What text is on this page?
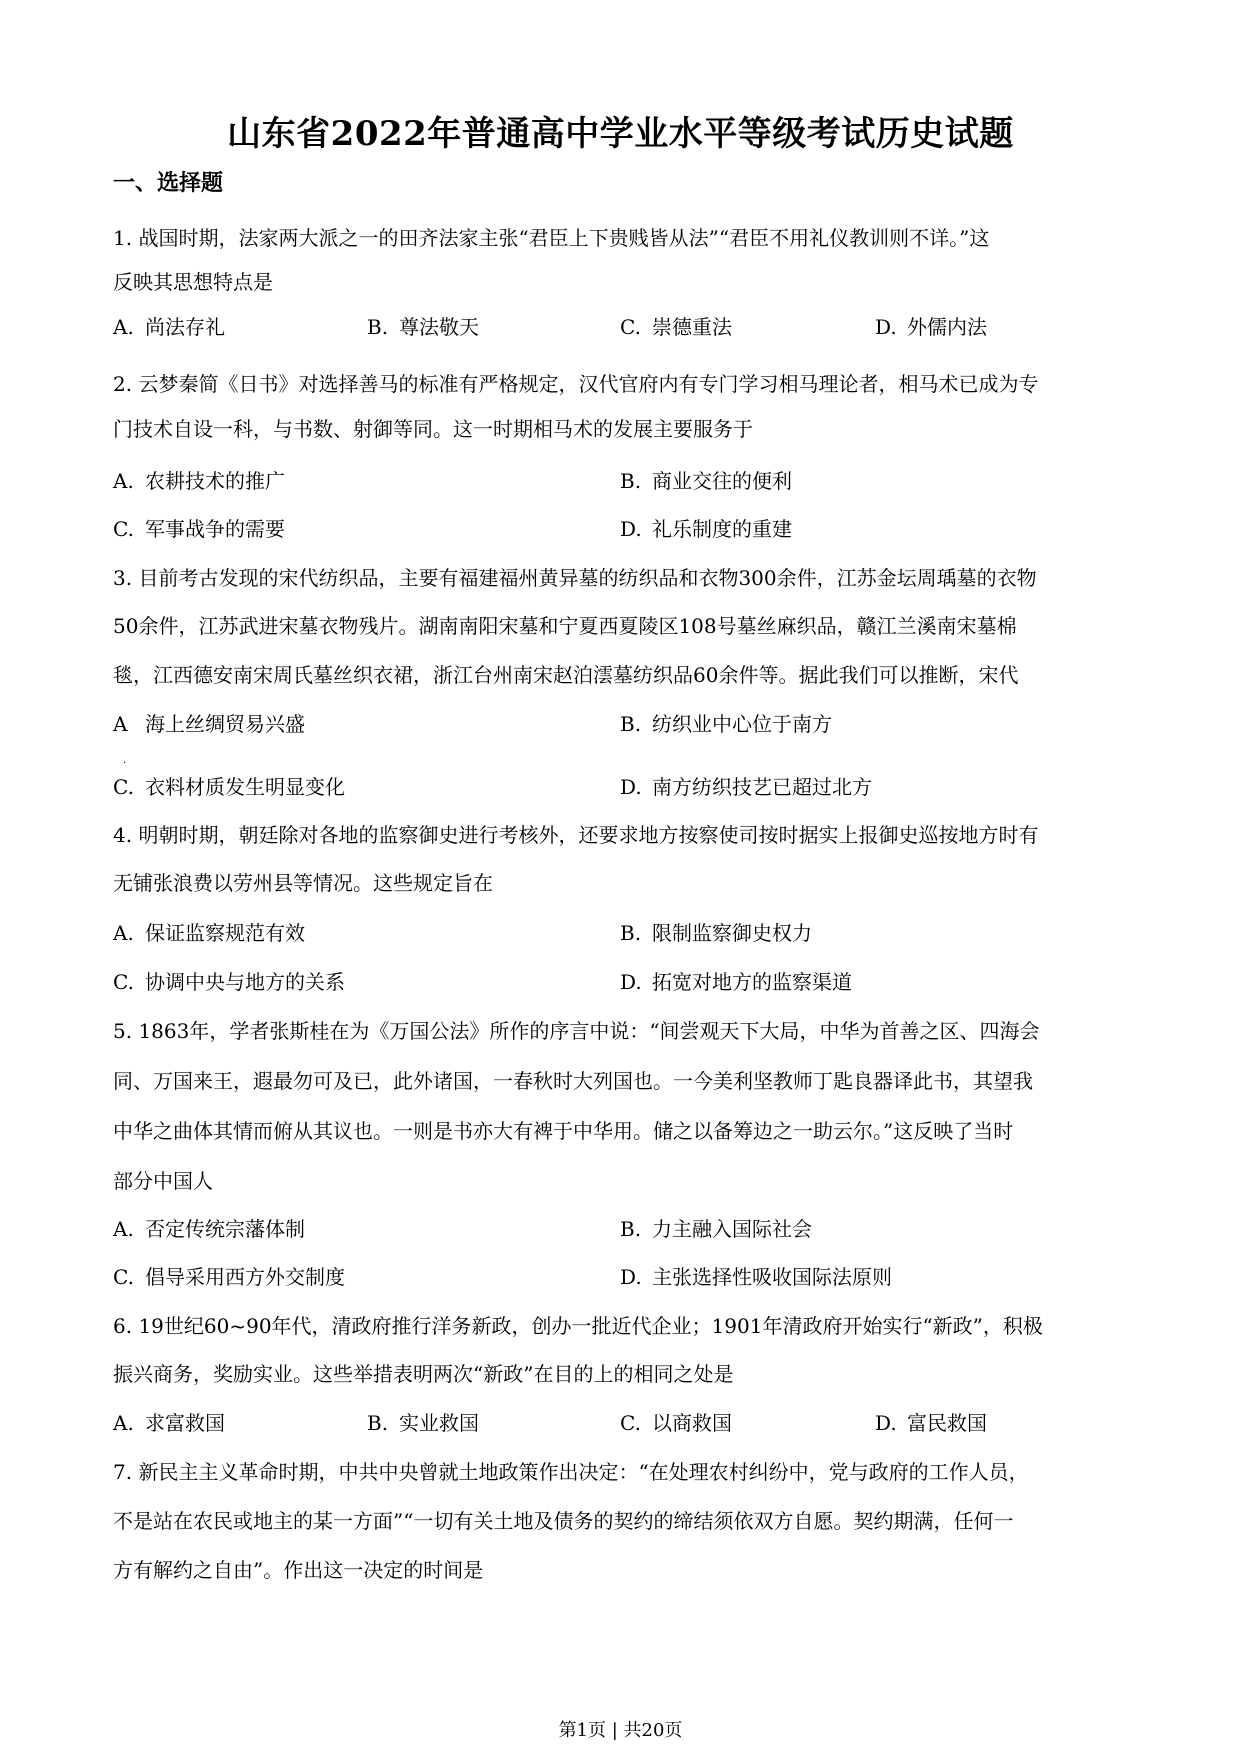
山东省2022年普通高中学业水平等级考试历史试题
一、选择题
1. 战国时期，法家两大派之一的田齐法家主张“君臣上下贵贱皆从法”“君臣不用礼仪教训则不详。”这
反映其思想特点是
A. 尚法存礼	B. 尊法敬天	C. 崇德重法	D. 外儒内法
2. 云梦秦简《日书》对选择善马的标准有严格规定，汉代官府内有专门学习相马理论者，相马术已成为专
门技术自设一科，与书数、射御等同。这一时期相马术的发展主要服务于
A. 农耕技术的推广	B. 商业交往的便利
C. 军事战争的需要	D. 礼乐制度的重建
3. 目前考古发现的宋代纺织品，主要有福建福州黄异墓的纺织品和衣物300余件，江苏金坛周瑀墓的衣物
50余件，江苏武进宋墓衣物残片。湖南南阳宋墓和宁夏西夏陵区108号墓丝麻织品，赣江兰溪南宋墓棉
毯，江西德安南宋周氏墓丝织衣裙，浙江台州南宋赵泊澐墓纺织品60余件等。据此我们可以推断，宋代
A 海上丝绸贸易兴盛
·
B. 纺织业中心位于南方
C. 衣料材质发生明显变化	D. 南方纺织技艺已超过北方
4. 明朝时期，朝廷除对各地的监察御史进行考核外，还要求地方按察使司按时据实上报御史巡按地方时有
无铺张浪费以劳州县等情况。这些规定旨在
A. 保证监察规范有效	B. 限制监察御史权力
C. 协调中央与地方的关系	D. 拓宽对地方的监察渠道
5. 1863年，学者张斯桂在为《万国公法》所作的序言中说：“间尝观天下大局，中华为首善之区、四海会
同、万国来王，遐最勿可及已，此外诸国，一春秋时大列国也。一今美利坚教师丁匙良器译此书，其望我
中华之曲体其情而俯从其议也。一则是书亦大有裨于中华用。储之以备筹边之一助云尔。”这反映了当时
部分中国人
A. 否定传统宗藩体制	B. 力主融入国际社会
C. 倡导采用西方外交制度	D. 主张选择性吸收国际法原则
6. 19世纪60~90年代，清政府推行洋务新政，创办一批近代企业；1901年清政府开始实行“新政”，积极
振兴商务，奖励实业。这些举措表明两次“新政”在目的上的相同之处是
A. 求富救国	B. 实业救国	C. 以商救国	D. 富民救国
7. 新民主主义革命时期，中共中央曾就土地政策作出决定：“在处理农村纠纷中，党与政府的工作人员，
不是站在农民或地主的某一方面”“一切有关土地及债务的契约的缔结须依双方自愿。契约期满，任何一
方有解约之自由”。作出这一决定的时间是
第1页 | 共20页
